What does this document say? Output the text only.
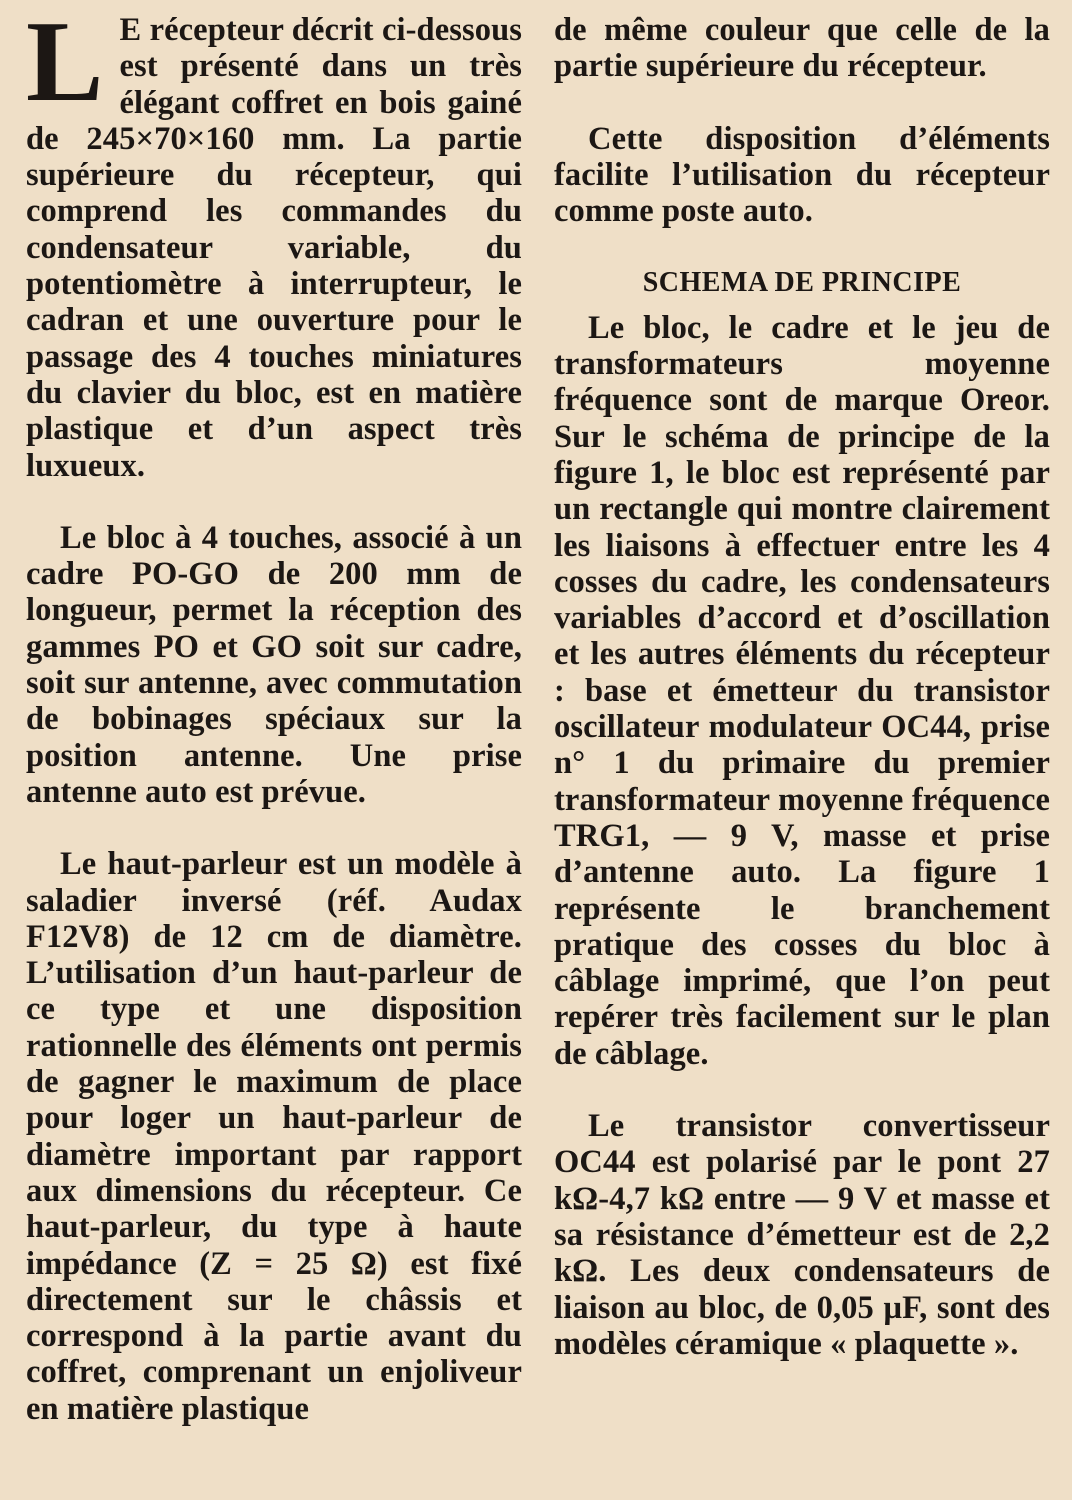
L E récepteur décrit ci-dessous est présenté dans un très élégant coffret en bois gainé de 245×70×160 mm. La partie supérieure du récepteur, qui comprend les commandes du condensateur variable, du potentiomètre à interrupteur, le cadran et une ouverture pour le passage des 4 touches miniatures du clavier du bloc, est en matière plastique et d’un aspect très luxueux.

Le bloc à 4 touches, associé à un cadre PO-GO de 200 mm de longueur, permet la réception des gammes PO et GO soit sur cadre, soit sur antenne, avec commutation de bobinages spéciaux sur la position antenne. Une prise antenne auto est prévue.

Le haut-parleur est un modèle à saladier inversé (réf. Audax F12V8) de 12 cm de diamètre. L’utilisation d’un haut-parleur de ce type et une disposition rationnelle des éléments ont permis de gagner le maximum de place pour loger un haut-parleur de diamètre important par rapport aux dimensions du récepteur. Ce haut-parleur, du type à haute impédance (Z = 25 Ω) est fixé directement sur le châssis et correspond à la partie avant du coffret, comprenant un enjoliveur en matière plastique

de même couleur que celle de la partie supérieure du récepteur.

Cette disposition d’éléments facilite l’utilisation du récepteur comme poste auto.

SCHEMA DE PRINCIPE

Le bloc, le cadre et le jeu de transformateurs moyenne fréquence sont de marque Oreor. Sur le schéma de principe de la figure 1, le bloc est représenté par un rectangle qui montre clairement les liaisons à effectuer entre les 4 cosses du cadre, les condensateurs variables d’accord et d’oscillation et les autres éléments du récepteur : base et émetteur du transistor oscillateur modulateur OC44, prise n° 1 du primaire du premier transformateur moyenne fréquence TRG1, — 9 V, masse et prise d’antenne auto. La figure 1 représente le branchement pratique des cosses du bloc à câblage imprimé, que l’on peut repérer très facilement sur le plan de câblage.

Le transistor convertisseur OC44 est polarisé par le pont 27 kΩ-4,7 kΩ entre — 9 V et masse et sa résistance d’émetteur est de 2,2 kΩ. Les deux condensateurs de liaison au bloc, de 0,05 µF, sont des modèles céramique « plaquette ».
